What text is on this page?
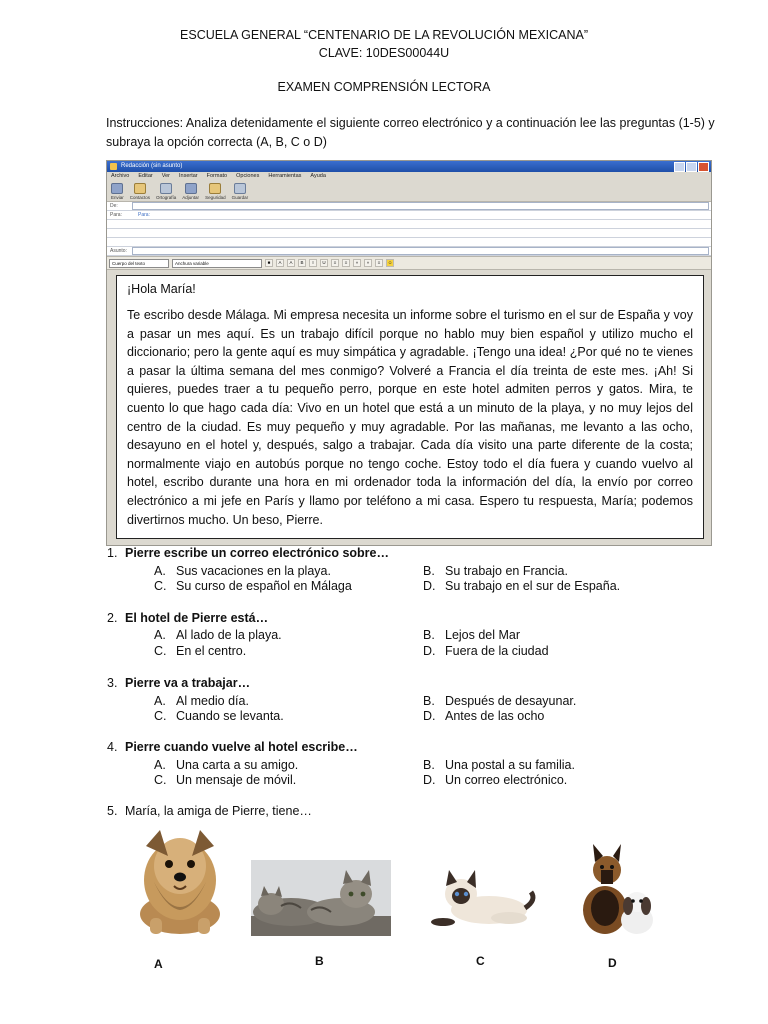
ESCUELA GENERAL “CENTENARIO DE LA REVOLUCIÓN MEXICANA”
CLAVE: 10DES00044U
EXAMEN COMPRENSIÓN LECTORA
Instrucciones: Analiza detenidamente el siguiente correo electrónico y a continuación lee las preguntas (1-5) y subraya la opción correcta (A, B, C o D)
Redacción (sin asunto)
Archivo Editar Ver Insertar Formato Opciones Herramientas Ayuda
Enviar Contactos Ortografía Adjuntar Seguridad Guardar
De:
Para:	Para:
Asunto:
Cuerpo del texto	Anchura variable	■	A	A	B	I	U	≡	≡	«	»	≡	☺
¡Hola María!
Te escribo desde Málaga. Mi empresa necesita un informe sobre el turismo en el sur de España y voy a pasar un mes aquí. Es un trabajo difícil porque no hablo muy bien español y utilizo mucho el diccionario; pero la gente aquí es muy simpática y agradable. ¡Tengo una idea! ¿Por qué no te vienes a pasar la última semana del mes conmigo? Volveré a Francia el día treinta de este mes. ¡Ah! Si quieres, puedes traer a tu pequeño perro, porque en este hotel admiten perros y gatos. Mira, te cuento lo que hago cada día: Vivo en un hotel que está a un minuto de la playa, y no muy lejos del centro de la ciudad. Es muy pequeño y muy agradable. Por las mañanas, me levanto a las ocho, desayuno en el hotel y, después, salgo a trabajar. Cada día visito una parte diferente de la costa; normalmente viajo en autobús porque no tengo coche. Estoy todo el día fuera y cuando vuelvo al hotel, escribo durante una hora en mi ordenador toda la información del día, la envío por correo electrónico a mi jefe en París y llamo por teléfono a mi casa. Espero tu respuesta, María; podemos divertirnos mucho. Un beso, Pierre.
1. Pierre escribe un correo electrónico sobre…
A. Sus vacaciones en la playa.	B. Su trabajo en Francia.
C. Su curso de español en Málaga	D. Su trabajo en el sur de España.
2. El hotel de Pierre está…
A. Al lado de la playa.	B. Lejos del Mar
C. En el centro.	D. Fuera de la ciudad
3. Pierre va a trabajar…
A. Al medio día.	B. Después de desayunar.
C. Cuando se levanta.	D. Antes de las ocho
4. Pierre cuando vuelve al hotel escribe…
A. Una carta a su amigo.	B. Una postal a su familia.
C. Un mensaje de móvil.	D. Un correo electrónico.
5. María, la amiga de Pierre, tiene…
A	B	C	D
